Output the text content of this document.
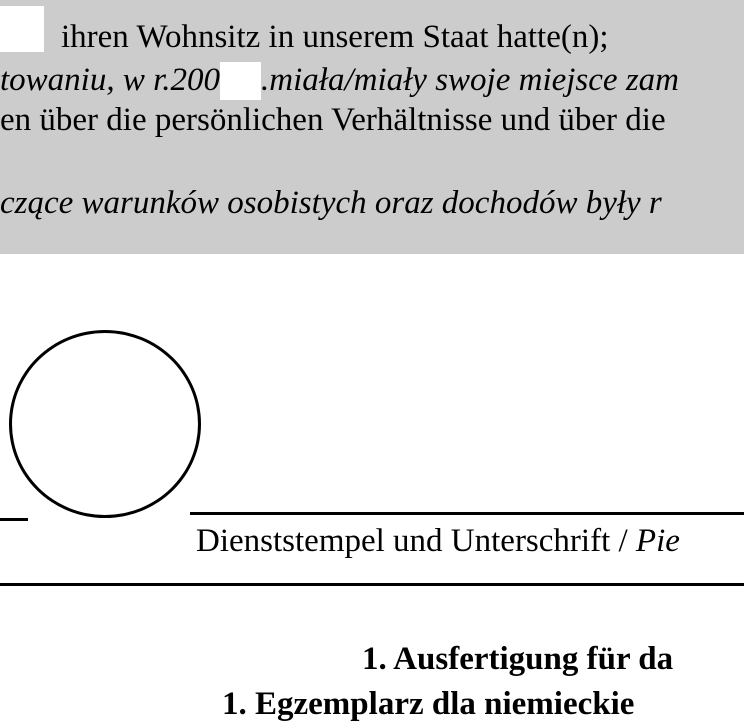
ihren Wohnsitz in unserem Staat hatte(n);
towaniu, w r.200 .miała/miały swoje miejsce zam
en über die persönlichen Verhältnisse und über die
czące warunków osobistych oraz dochodów były r
Dienststempel und Unterschrift / Pie
1. Ausfertigung für da
1. Egzemplarz dla niemieckie
